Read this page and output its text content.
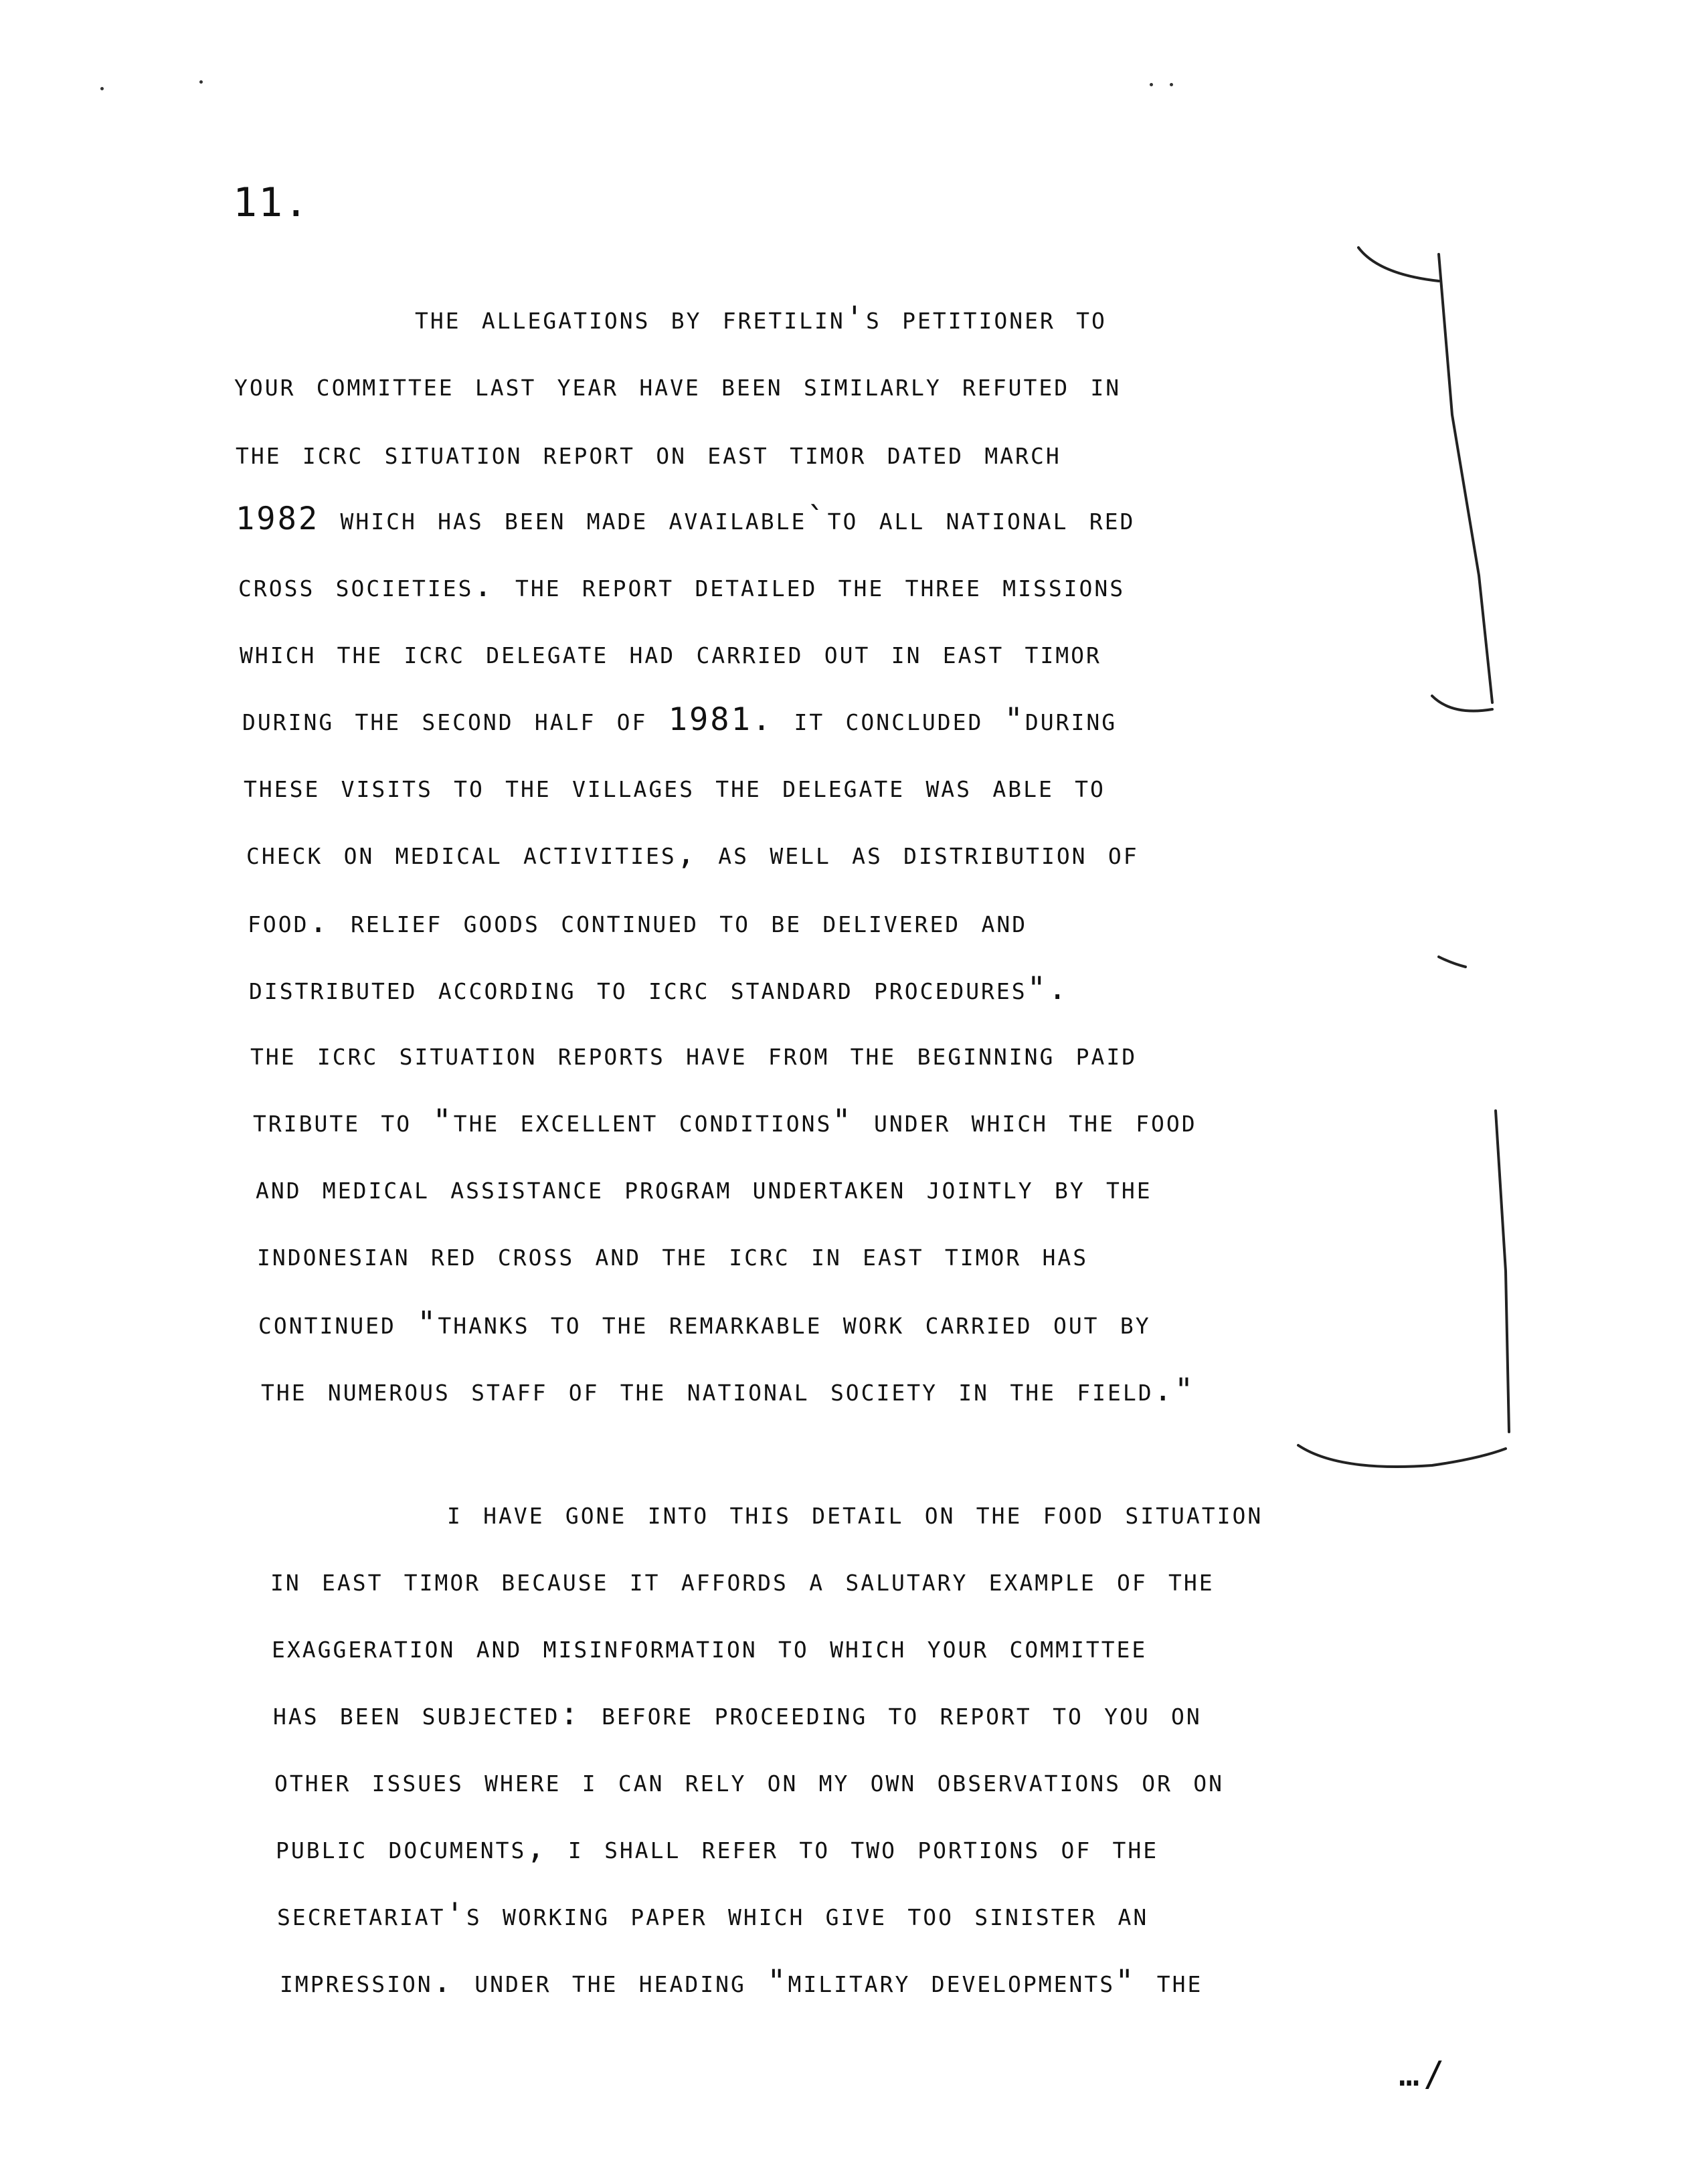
11.
the allegations by fretilin's petitioner to
your committee last year have been similarly refuted in
the icrc situation report on east timor dated march
1982 which has been made available`to all national red
cross societies. the report detailed the three missions
which the icrc delegate had carried out in east timor
during the second half of 1981. it concluded "during
these visits to the villages the delegate was able to
check on medical activities, as well as distribution of
food. relief goods continued to be delivered and
distributed according to icrc standard procedures".
the icrc situation reports have from the beginning paid
tribute to "the excellent conditions" under which the food
and medical assistance program undertaken jointly by the
indonesian red cross and the icrc in east timor has
continued "thanks to the remarkable work carried out by
the numerous staff of the national society in the field."
i have gone into this detail on the food situation
in east timor because it affords a salutary example of the
exaggeration and misinformation to which your committee
has been subjected: before proceeding to report to you on
other issues where i can rely on my own observations or on
public documents, i shall refer to two portions of the
secretariat's working paper which give too sinister an
impression. under the heading "military developments" the
…/
